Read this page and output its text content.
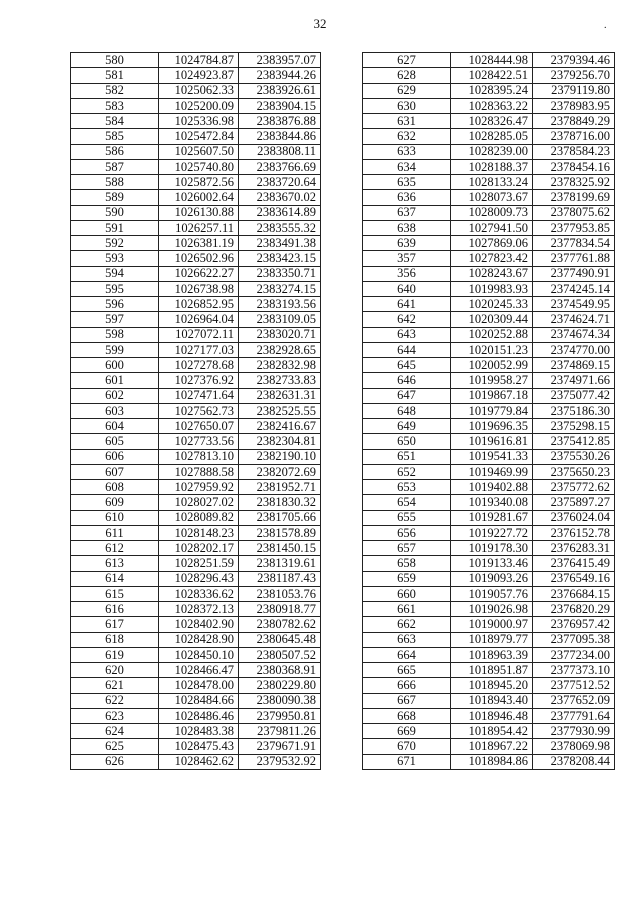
32	.
580	1024784.87	2383957.07
581	1024923.87	2383944.26
582	1025062.33	2383926.61
583	1025200.09	2383904.15
584	1025336.98	2383876.88
585	1025472.84	2383844.86
586	1025607.50	2383808.11
587	1025740.80	2383766.69
588	1025872.56	2383720.64
589	1026002.64	2383670.02
590	1026130.88	2383614.89
591	1026257.11	2383555.32
592	1026381.19	2383491.38
593	1026502.96	2383423.15
594	1026622.27	2383350.71
595	1026738.98	2383274.15
596	1026852.95	2383193.56
597	1026964.04	2383109.05
598	1027072.11	2383020.71
599	1027177.03	2382928.65
600	1027278.68	2382832.98
601	1027376.92	2382733.83
602	1027471.64	2382631.31
603	1027562.73	2382525.55
604	1027650.07	2382416.67
605	1027733.56	2382304.81
606	1027813.10	2382190.10
607	1027888.58	2382072.69
608	1027959.92	2381952.71
609	1028027.02	2381830.32
610	1028089.82	2381705.66
611	1028148.23	2381578.89
612	1028202.17	2381450.15
613	1028251.59	2381319.61
614	1028296.43	2381187.43
615	1028336.62	2381053.76
616	1028372.13	2380918.77
617	1028402.90	2380782.62
618	1028428.90	2380645.48
619	1028450.10	2380507.52
620	1028466.47	2380368.91
621	1028478.00	2380229.80
622	1028484.66	2380090.38
623	1028486.46	2379950.81
624	1028483.38	2379811.26
625	1028475.43	2379671.91
626	1028462.62	2379532.92
627	1028444.98	2379394.46
628	1028422.51	2379256.70
629	1028395.24	2379119.80
630	1028363.22	2378983.95
631	1028326.47	2378849.29
632	1028285.05	2378716.00
633	1028239.00	2378584.23
634	1028188.37	2378454.16
635	1028133.24	2378325.92
636	1028073.67	2378199.69
637	1028009.73	2378075.62
638	1027941.50	2377953.85
639	1027869.06	2377834.54
357	1027823.42	2377761.88
356	1028243.67	2377490.91
640	1019983.93	2374245.14
641	1020245.33	2374549.95
642	1020309.44	2374624.71
643	1020252.88	2374674.34
644	1020151.23	2374770.00
645	1020052.99	2374869.15
646	1019958.27	2374971.66
647	1019867.18	2375077.42
648	1019779.84	2375186.30
649	1019696.35	2375298.15
650	1019616.81	2375412.85
651	1019541.33	2375530.26
652	1019469.99	2375650.23
653	1019402.88	2375772.62
654	1019340.08	2375897.27
655	1019281.67	2376024.04
656	1019227.72	2376152.78
657	1019178.30	2376283.31
658	1019133.46	2376415.49
659	1019093.26	2376549.16
660	1019057.76	2376684.15
661	1019026.98	2376820.29
662	1019000.97	2376957.42
663	1018979.77	2377095.38
664	1018963.39	2377234.00
665	1018951.87	2377373.10
666	1018945.20	2377512.52
667	1018943.40	2377652.09
668	1018946.48	2377791.64
669	1018954.42	2377930.99
670	1018967.22	2378069.98
671	1018984.86	2378208.44
